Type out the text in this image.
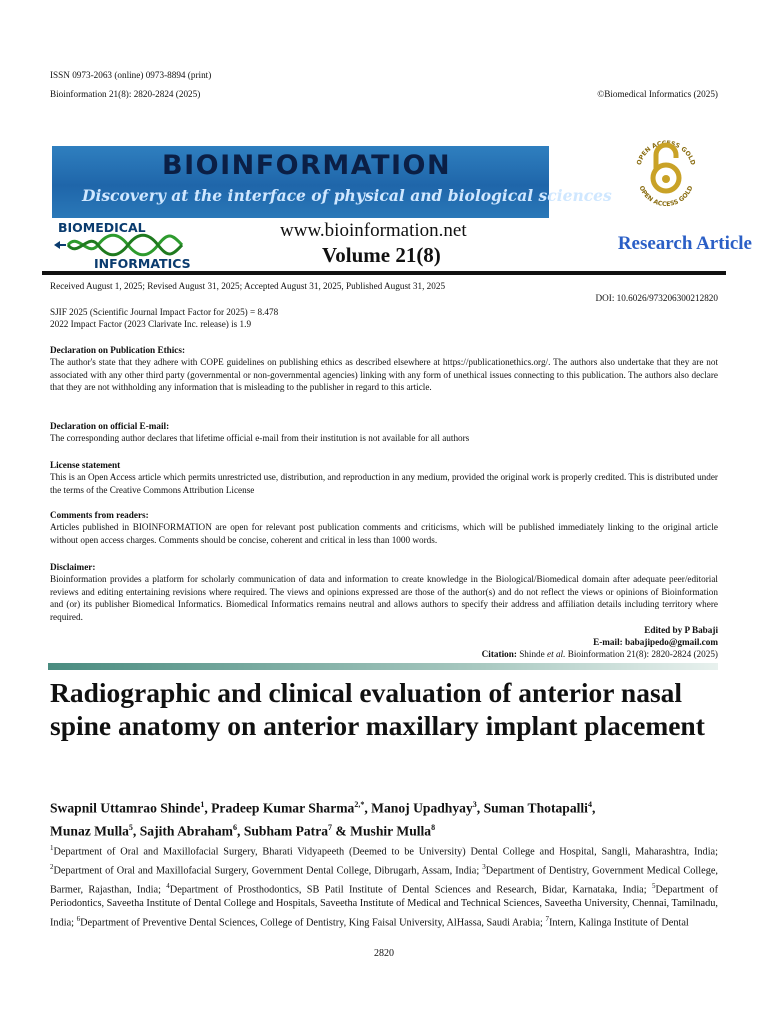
ISSN 0973-2063 (online) 0973-8894 (print)
Bioinformation 21(8): 2820-2824 (2025)	©Biomedical Informatics (2025)
BIOINFORMATION
Discovery at the interface of physical and biological sciences
OPEN ACCESS GOLD
OPEN ACCESS GOLD
BIOMEDICAL
INFORMATICS
www.bioinformation.net
Volume 21(8)	Research Article
Received August 1, 2025; Revised August 31, 2025; Accepted August 31, 2025, Published August 31, 2025
DOI: 10.6026/973206300212820
SJIF 2025 (Scientific Journal Impact Factor for 2025) = 8.478
2022 Impact Factor (2023 Clarivate Inc. release) is 1.9
Declaration on Publication Ethics:
The author's state that they adhere with COPE guidelines on publishing ethics as described elsewhere at https://publicationethics.org/. The authors also undertake that they are not associated with any other third party (governmental or non-governmental agencies) linking with any form of unethical issues connecting to this publication. The authors also declare that they are not withholding any information that is misleading to the publisher in regard to this article.
Declaration on official E-mail:
The corresponding author declares that lifetime official e-mail from their institution is not available for all authors
License statement
This is an Open Access article which permits unrestricted use, distribution, and reproduction in any medium, provided the original work is properly credited. This is distributed under the terms of the Creative Commons Attribution License
Comments from readers:
Articles published in BIOINFORMATION are open for relevant post publication comments and criticisms, which will be published immediately linking to the original article without open access charges. Comments should be concise, coherent and critical in less than 1000 words.
Disclaimer:
Bioinformation provides a platform for scholarly communication of data and information to create knowledge in the Biological/Biomedical domain after adequate peer/editorial reviews and editing entertaining revisions where required. The views and opinions expressed are those of the author(s) and do not reflect the views or opinions of Bioinformation and (or) its publisher Biomedical Informatics. Biomedical Informatics remains neutral and allows authors to specify their address and affiliation details including territory where required.
Edited by P Babaji
E-mail: babajipedo@gmail.com
Citation: Shinde et al. Bioinformation 21(8): 2820-2824 (2025)
Radiographic and clinical evaluation of anterior nasal spine anatomy on anterior maxillary implant placement
Swapnil Uttamrao Shinde$^1$, Pradeep Kumar Sharma$^{2,*}$, Manoj Upadhyay$^3$, Suman Thotapalli$^4$,
Munaz Mulla$^5$, Sajith Abraham$^6$, Subham Patra$^7$ & Mushir Mulla$^8$
$^1$Department of Oral and Maxillofacial Surgery, Bharati Vidyapeeth (Deemed to be University) Dental College and Hospital, Sangli, Maharashtra, India; $^2$Department of Oral and Maxillofacial Surgery, Government Dental College, Dibrugarh, Assam, India; $^3$Department of Dentistry, Government Medical College, Barmer, Rajasthan, India; $^4$Department of Prosthodontics, SB Patil Institute of Dental Sciences and Research, Bidar, Karnataka, India; $^5$Department of Periodontics, Saveetha Institute of Dental College and Hospitals, Saveetha Institute of Medical and Technical Sciences, Saveetha University, Chennai, Tamilnadu, India; $^6$Department of Preventive Dental Sciences, College of Dentistry, King Faisal University, AlHassa, Saudi Arabia; $^7$Intern, Kalinga Institute of Dental
2820
